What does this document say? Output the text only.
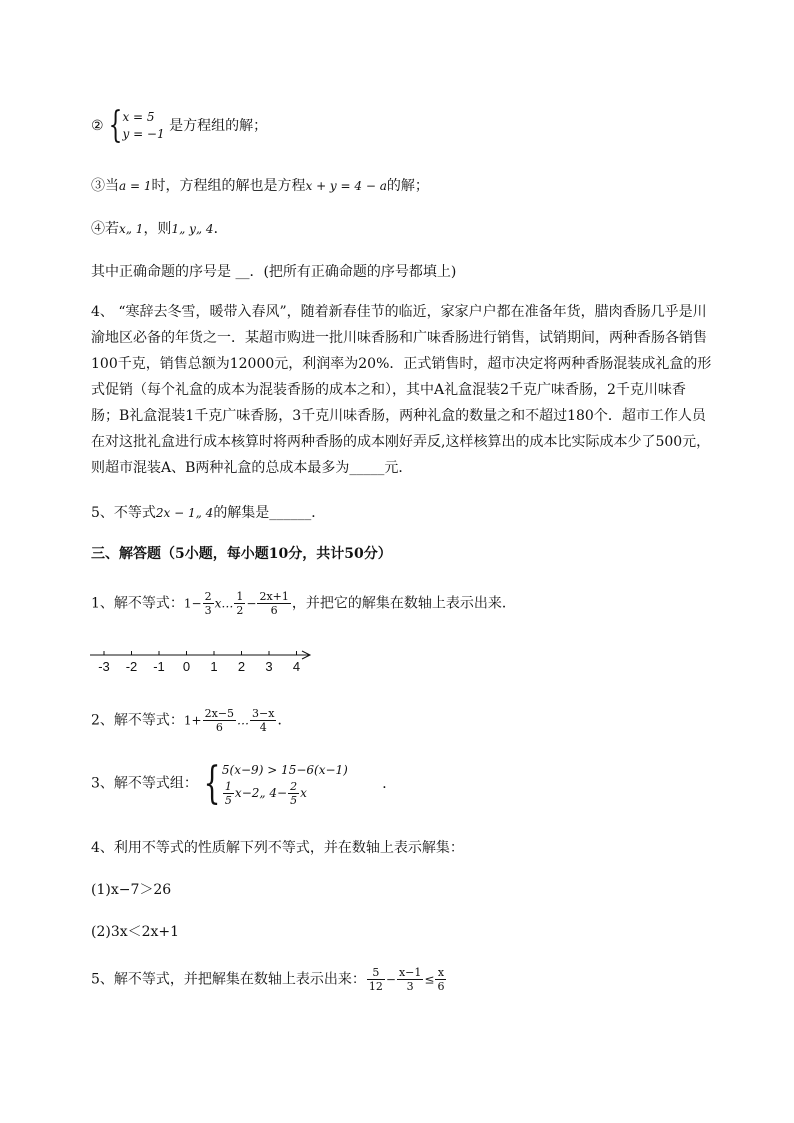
② { x = 5
y = −1 是方程组的解；
③当a = 1时，方程组的解也是方程x + y = 4 − a的解；
④若x„ 1，则1„ y„ 4．
其中正确命题的序号是 __．(把所有正确命题的序号都填上)
4、 “寒辞去冬雪，暖带入春风”，随着新春佳节的临近，家家户户都在准备年货，腊肉香肠几乎是川渝地区必备的年货之一．某超市购进一批川味香肠和广味香肠进行销售，试销期间，两种香肠各销售100千克，销售总额为12000元，利润率为20%．正式销售时，超市决定将两种香肠混装成礼盒的形式促销（每个礼盒的成本为混装香肠的成本之和），其中A礼盒混装2千克广味香肠，2千克川味香肠；B礼盒混装1千克广味香肠，3千克川味香肠，两种礼盒的数量之和不超过180个．超市工作人员在对这批礼盒进行成本核算时将两种香肠的成本刚好弄反,这样核算出的成本比实际成本少了500元，则超市混装A、B两种礼盒的总成本最多为_____元．
5、不等式2x − 1„ 4的解集是______．
三、解答题（5小题，每小题10分，共计50分）
1、解不等式：$1- \frac{2}{3}$ x… $\frac{1}{2} - \frac{2x+1}{6}$ ，并把它的解集在数轴上表示出来．
-3 -2 -1 0 1 2 3 4
2、解不等式：$1+ \frac{2x-5}{6}$ … $\frac{3-x}{4}$ ．
3、解不等式组： { 5(x−9) > 15−6(x−1)
$\frac{1}{5}$ x−2„ $4- \frac{2}{5}$ x
．
4、利用不等式的性质解下列不等式，并在数轴上表示解集：
(1)x−7＞26
(2)3x＜2x+1
5、解不等式，并把解集在数轴上表示出来： $\frac{5}{12} - \frac{x-1}{3} \le \frac{x}{6}$
